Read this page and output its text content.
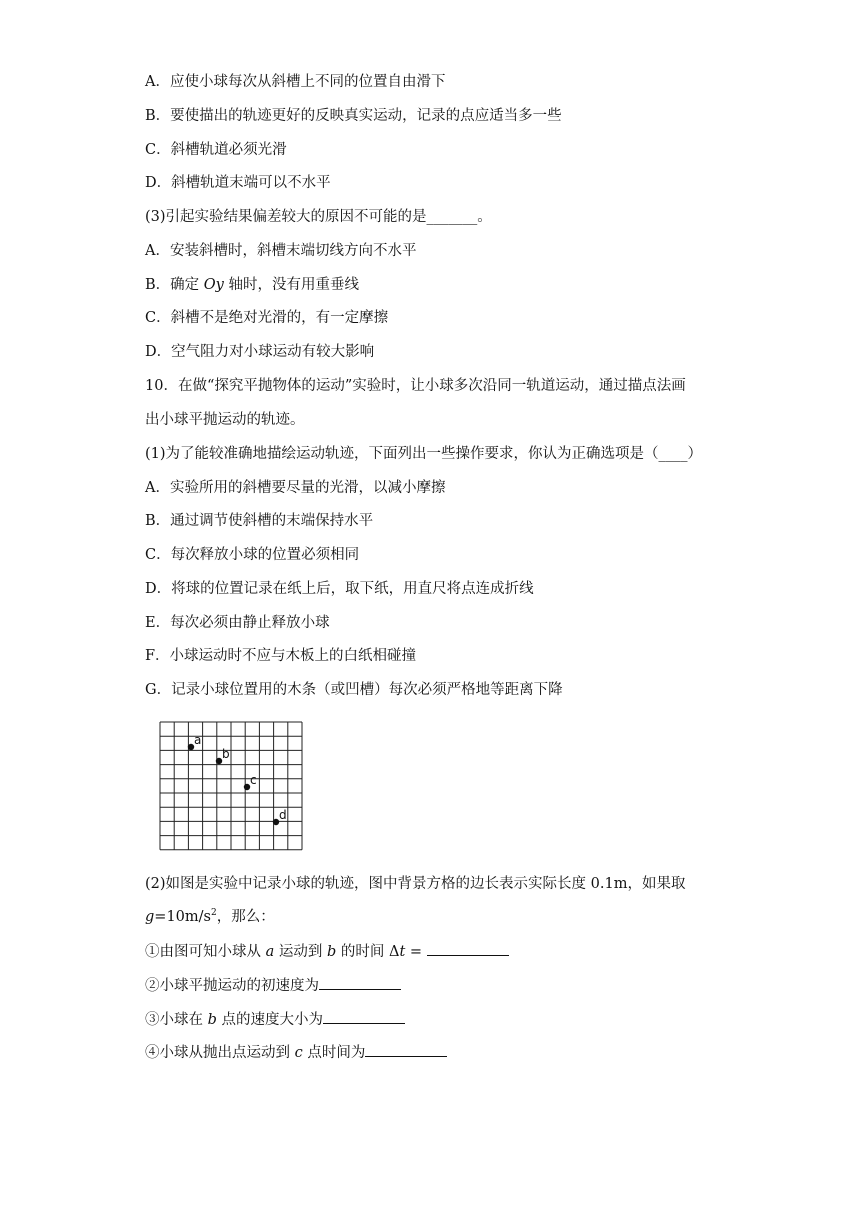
A．应使小球每次从斜槽上不同的位置自由滑下
B．要使描出的轨迹更好的反映真实运动，记录的点应适当多一些
C．斜槽轨道必须光滑
D．斜槽轨道末端可以不水平
(3)引起实验结果偏差较大的原因不可能的是_______。
A．安装斜槽时，斜槽末端切线方向不水平
B．确定 Oy 轴时，没有用重垂线
C．斜槽不是绝对光滑的，有一定摩擦
D．空气阻力对小球运动有较大影响
10．在做“探究平抛物体的运动”实验时，让小球多次沿同一轨道运动，通过描点法画
出小球平抛运动的轨迹。
(1)为了能较准确地描绘运动轨迹，下面列出一些操作要求，你认为正确选项是（____）
A．实验所用的斜槽要尽量的光滑，以减小摩擦
B．通过调节使斜槽的末端保持水平
C．每次释放小球的位置必须相同
D．将球的位置记录在纸上后，取下纸，用直尺将点连成折线
E．每次必须由静止释放小球
F．小球运动时不应与木板上的白纸相碰撞
G．记录小球位置用的木条（或凹槽）每次必须严格地等距离下降
a
b
c
d
(2)如图是实验中记录小球的轨迹，图中背景方格的边长表示实际长度 0.1m，如果取
$g=10m/s^2$，那么：
①由图可知小球从 a 运动到 b 的时间 Δt =
②小球平抛运动的初速度为
③小球在 b 点的速度大小为
④小球从抛出点运动到 c 点时间为
